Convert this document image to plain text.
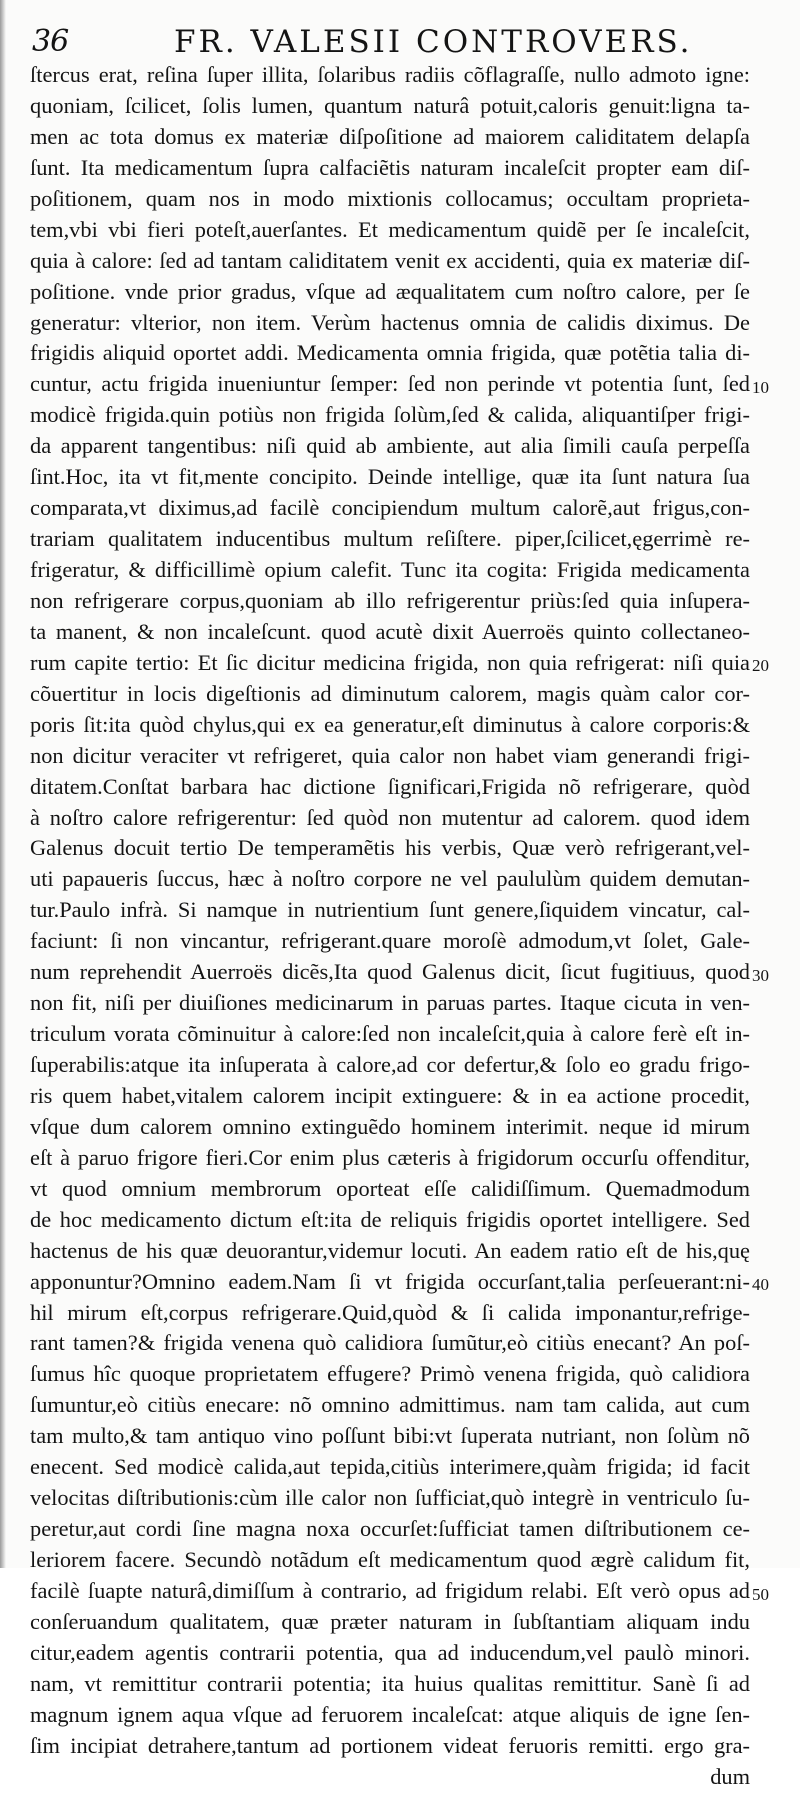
36	FR. VALESII CONTROVERS.
ſtercus erat, reſina ſuper illita, ſolaribus radiis cõflagraſſe, nullo admoto igne:
quoniam, ſcilicet, ſolis lumen, quantum naturâ potuit,caloris genuit:ligna ta-
men ac tota domus ex materiæ diſpoſitione ad maiorem caliditatem delapſa
ſunt. Ita medicamentum ſupra calfaciẽtis naturam incaleſcit propter eam diſ-
poſitionem, quam nos in modo mixtionis collocamus; occultam proprieta-
tem,vbi vbi fieri poteſt,auerſantes. Et medicamentum quidẽ per ſe incaleſcit,
quia à calore: ſed ad tantam caliditatem venit ex accidenti, quia ex materiæ diſ-
poſitione. vnde prior gradus, vſque ad æqualitatem cum noſtro calore, per ſe
generatur: vlterior, non item. Verùm hactenus omnia de calidis diximus. De
frigidis aliquid oportet addi. Medicamenta omnia frigida, quæ potẽtia talia di-
cuntur, actu frigida inueniuntur ſemper: ſed non perinde vt potentia ſunt, ſed
modicè frigida.quin potiùs non frigida ſolùm,ſed & calida, aliquantiſper frigi-
da apparent tangentibus: niſi quid ab ambiente, aut alia ſimili cauſa perpeſſa
ſint.Hoc, ita vt fit,mente concipito. Deinde intellige, quæ ita ſunt natura ſua
comparata,vt diximus,ad facilè concipiendum multum calorẽ,aut frigus,con-
trariam qualitatem inducentibus multum reſiſtere. piper,ſcilicet,ęgerrimè re-
frigeratur, & difficillimè opium calefit. Tunc ita cogita: Frigida medicamenta
non refrigerare corpus,quoniam ab illo refrigerentur priùs:ſed quia inſupera-
ta manent, & non incaleſcunt. quod acutè dixit Auerroës quinto collectaneo-
rum capite tertio: Et ſic dicitur medicina frigida, non quia refrigerat: niſi quia
cõuertitur in locis digeſtionis ad diminutum calorem, magis quàm calor cor-
poris ſit:ita quòd chylus,qui ex ea generatur,eſt diminutus à calore corporis:&
non dicitur veraciter vt refrigeret, quia calor non habet viam generandi frigi-
ditatem.Conſtat barbara hac dictione ſignificari,Frigida nõ refrigerare, quòd
à noſtro calore refrigerentur: ſed quòd non mutentur ad calorem. quod idem
Galenus docuit tertio De temperamẽtis his verbis, Quæ verò refrigerant,vel-
uti papaueris ſuccus, hæc à noſtro corpore ne vel paululùm quidem demutan-
tur.Paulo infrà. Si namque in nutrientium ſunt genere,ſiquidem vincatur, cal-
faciunt: ſi non vincantur, refrigerant.quare moroſè admodum,vt ſolet, Gale-
num reprehendit Auerroës dicẽs,Ita quod Galenus dicit, ſicut fugitiuus, quod
non fit, niſi per diuiſiones medicinarum in paruas partes. Itaque cicuta in ven-
triculum vorata cõminuitur à calore:ſed non incaleſcit,quia à calore ferè eſt in-
ſuperabilis:atque ita inſuperata à calore,ad cor defertur,& ſolo eo gradu frigo-
ris quem habet,vitalem calorem incipit extinguere: & in ea actione procedit,
vſque dum calorem omnino extinguẽdo hominem interimit. neque id mirum
eſt à paruo frigore fieri.Cor enim plus cæteris à frigidorum occurſu offenditur,
vt quod omnium membrorum oporteat eſſe calidiſſimum. Quemadmodum
de hoc medicamento dictum eſt:ita de reliquis frigidis oportet intelligere. Sed
hactenus de his quæ deuorantur,videmur locuti. An eadem ratio eſt de his,quę
apponuntur?Omnino eadem.Nam ſi vt frigida occurſant,talia perſeuerant:ni-
hil mirum eſt,corpus refrigerare.Quid,quòd & ſi calida imponantur,refrige-
rant tamen?& frigida venena quò calidiora ſumũtur,eò citiùs enecant? An poſ-
ſumus hîc quoque proprietatem effugere? Primò venena frigida, quò calidiora
ſumuntur,eò citiùs enecare: nõ omnino admittimus. nam tam calida, aut cum
tam multo,& tam antiquo vino poſſunt bibi:vt ſuperata nutriant, non ſolùm nõ
enecent. Sed modicè calida,aut tepida,citiùs interimere,quàm frigida; id facit
velocitas diſtributionis:cùm ille calor non ſufficiat,quò integrè in ventriculo ſu-
peretur,aut cordi ſine magna noxa occurſet:ſufficiat tamen diſtributionem ce-
leriorem facere. Secundò notãdum eſt medicamentum quod ægrè calidum fit,
facilè ſuapte naturâ,dimiſſum à contrario, ad frigidum relabi. Eſt verò opus ad
conſeruandum qualitatem, quæ præter naturam in ſubſtantiam aliquam indu
citur,eadem agentis contrarii potentia, qua ad inducendum,vel paulò minori.
nam, vt remittitur contrarii potentia; ita huius qualitas remittitur. Sanè ſi ad
magnum ignem aqua vſque ad feruorem incaleſcat: atque aliquis de igne ſen-
ſim incipiat detrahere,tantum ad portionem videat feruoris remitti. ergo gra-
dum
10
20
30
40
50
